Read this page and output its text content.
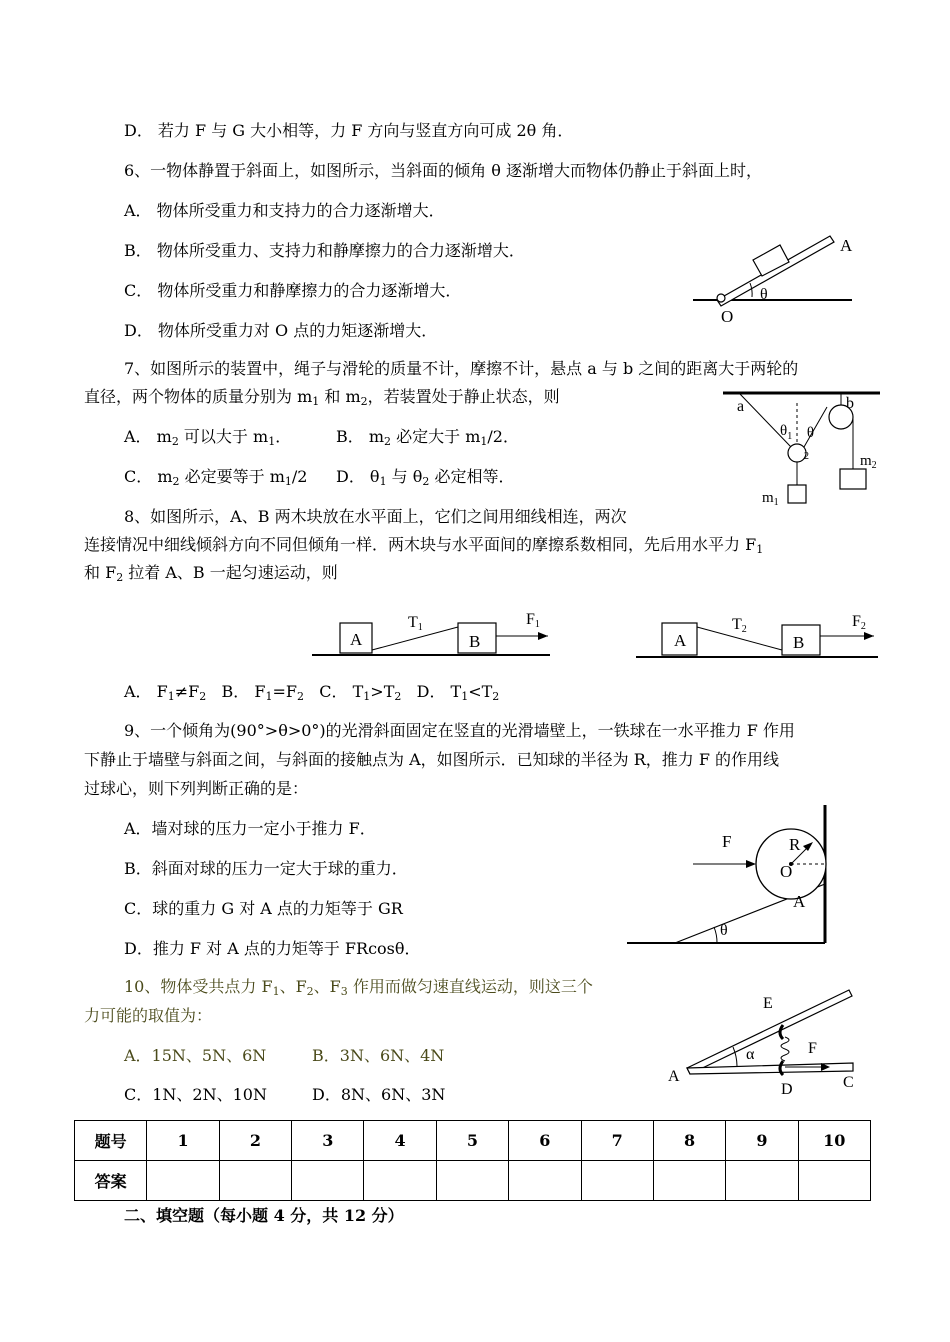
D． 若力 F 与 G 大小相等，力 F 方向与竖直方向可成 2θ 角．
6、一物体静置于斜面上，如图所示，当斜面的倾角 θ 逐渐增大而物体仍静止于斜面上时，
A． 物体所受重力和支持力的合力逐渐增大．
B． 物体所受重力、支持力和静摩擦力的合力逐渐增大．
C． 物体所受重力和静摩擦力的合力逐渐增大．
D． 物体所受重力对 O 点的力矩逐渐增大．
A
O
θ
7、如图所示的装置中，绳子与滑轮的质量不计，摩擦不计，悬点 a 与 b 之间的距离大于两轮的
直径，两个物体的质量分别为 $m_1$ 和 $m_2$，若装置处于静止状态，则
A． $m_2$ 可以大于 $m_1$．	B． $m_2$ 必定大于 $m_1/2$．
C． $m_2$ 必定要等于 $m_1/2$ D． $\theta_1$ 与 $\theta_2$ 必定相等．
a	b
$\theta_1$ θ 2
$m_1$
$m_2$
8、如图所示，A、B 两木块放在水平面上，它们之间用细线相连，两次
连接情况中细线倾斜方向不同但倾角一样．两木块与水平面间的摩擦系数相同，先后用水平力 $F_1$
和 $F_2$ 拉着 A、B 一起匀速运动，则
A	B
T1	F1
A	B
T2	F2
A． $F_1\ne F_2$ B． $F_1=F_2$ C． $T_1>T_2$ D． $T_1<T_2$
9、一个倾角为(90°>θ>0°)的光滑斜面固定在竖直的光滑墙壁上，一铁球在一水平推力 F 作用
下静止于墙壁与斜面之间，与斜面的接触点为 A，如图所示．已知球的半径为 R，推力 F 的作用线
过球心，则下列判断正确的是：
A．墙对球的压力一定小于推力 F．
B．斜面对球的压力一定大于球的重力．
C．球的重力 G 对 A 点的力矩等于 GR
D．推力 F 对 A 点的力矩等于 FRcosθ．
F	R
O
A
θ
10、物体受共点力 $F_1$、$F_2$、$F_3$ 作用而做匀速直线运动，则这三个
力可能的取值为：
A．15N、5N、6N	B．3N、6N、4N
C．1N、2N、10N	D．8N、6N、3N
E
F
α
A
D	C
题号	1	2	3	4	5	6	7	8	9	10
答案										
二、填空题（每小题 4 分，共 12 分）
